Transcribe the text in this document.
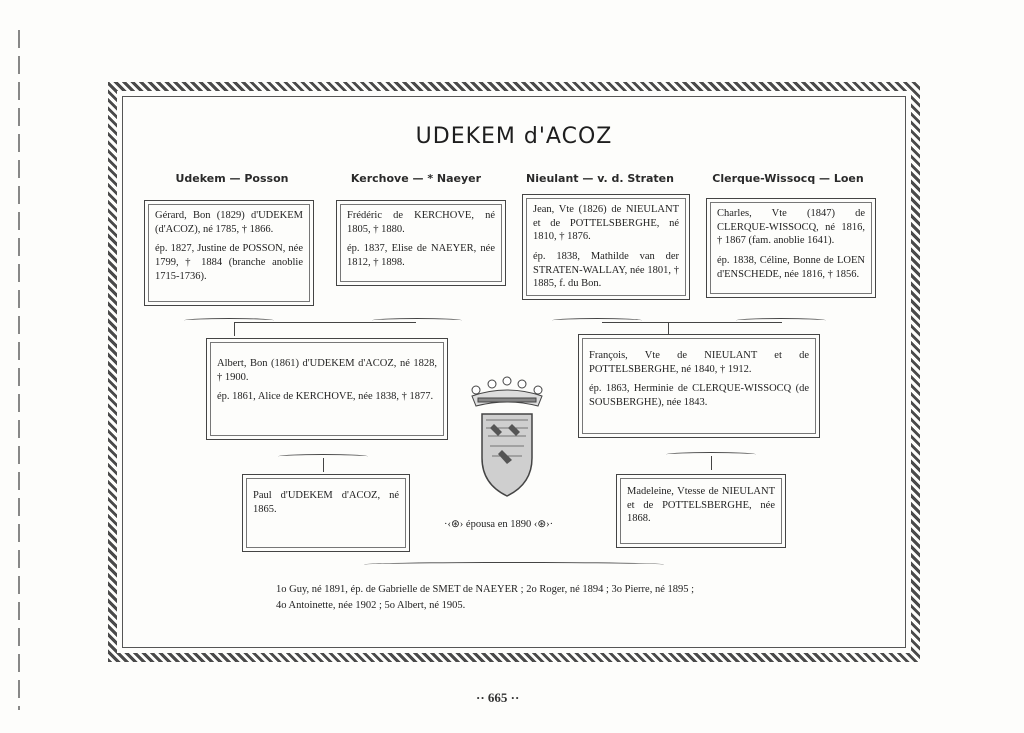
UDEKEM d'ACOZ
Udekem — Posson	Kerchove — * Naeyer	Nieulant — v. d. Straten	Clerque-Wissocq — Loen

Gérard, Bon (1829) d'UDEKEM (d'ACOZ), né 1785, † 1866.

ép. 1827, Justine de POSSON, née 1799, † 1884 (branche anoblie 1715-1736).

Frédéric de KERCHOVE, né 1805, † 1880.

ép. 1837, Elise de NAEYER, née 1812, † 1898.

Jean, Vte (1826) de NIEULANT et de POTTELSBERGHE, né 1810, † 1876.

ép. 1838, Mathilde van der STRATEN-WALLAY, née 1801, † 1885, f. du Bon.

Charles, Vte (1847) de CLERQUE-WISSOCQ, né 1816, † 1867 (fam. anoblie 1641).

ép. 1838, Céline, Bonne de LOEN d'ENSCHEDE, née 1816, † 1856.

Albert, Bon (1861) d'UDEKEM d'ACOZ, né 1828, † 1900.

ép. 1861, Alice de KERCHOVE, née 1838, † 1877.

François, Vte de NIEULANT et de POTTELSBERGHE, né 1840, † 1912.

ép. 1863, Herminie de CLERQUE-WISSOCQ (de SOUSBERGHE), née 1843.

Paul d'UDEKEM d'ACOZ, né 1865.

Madeleine, Vtesse de NIEULANT et de POTTELSBERGHE, née 1868.

·‹⊛› épousa en 1890 ‹⊛›·
1o Guy, né 1891, ép. de Gabrielle de SMET de NAEYER ; 2o Roger, né 1894 ; 3o Pierre, né 1895 ;
4o Antoinette, née 1902 ; 5o Albert, né 1905.
·· 665 ··
